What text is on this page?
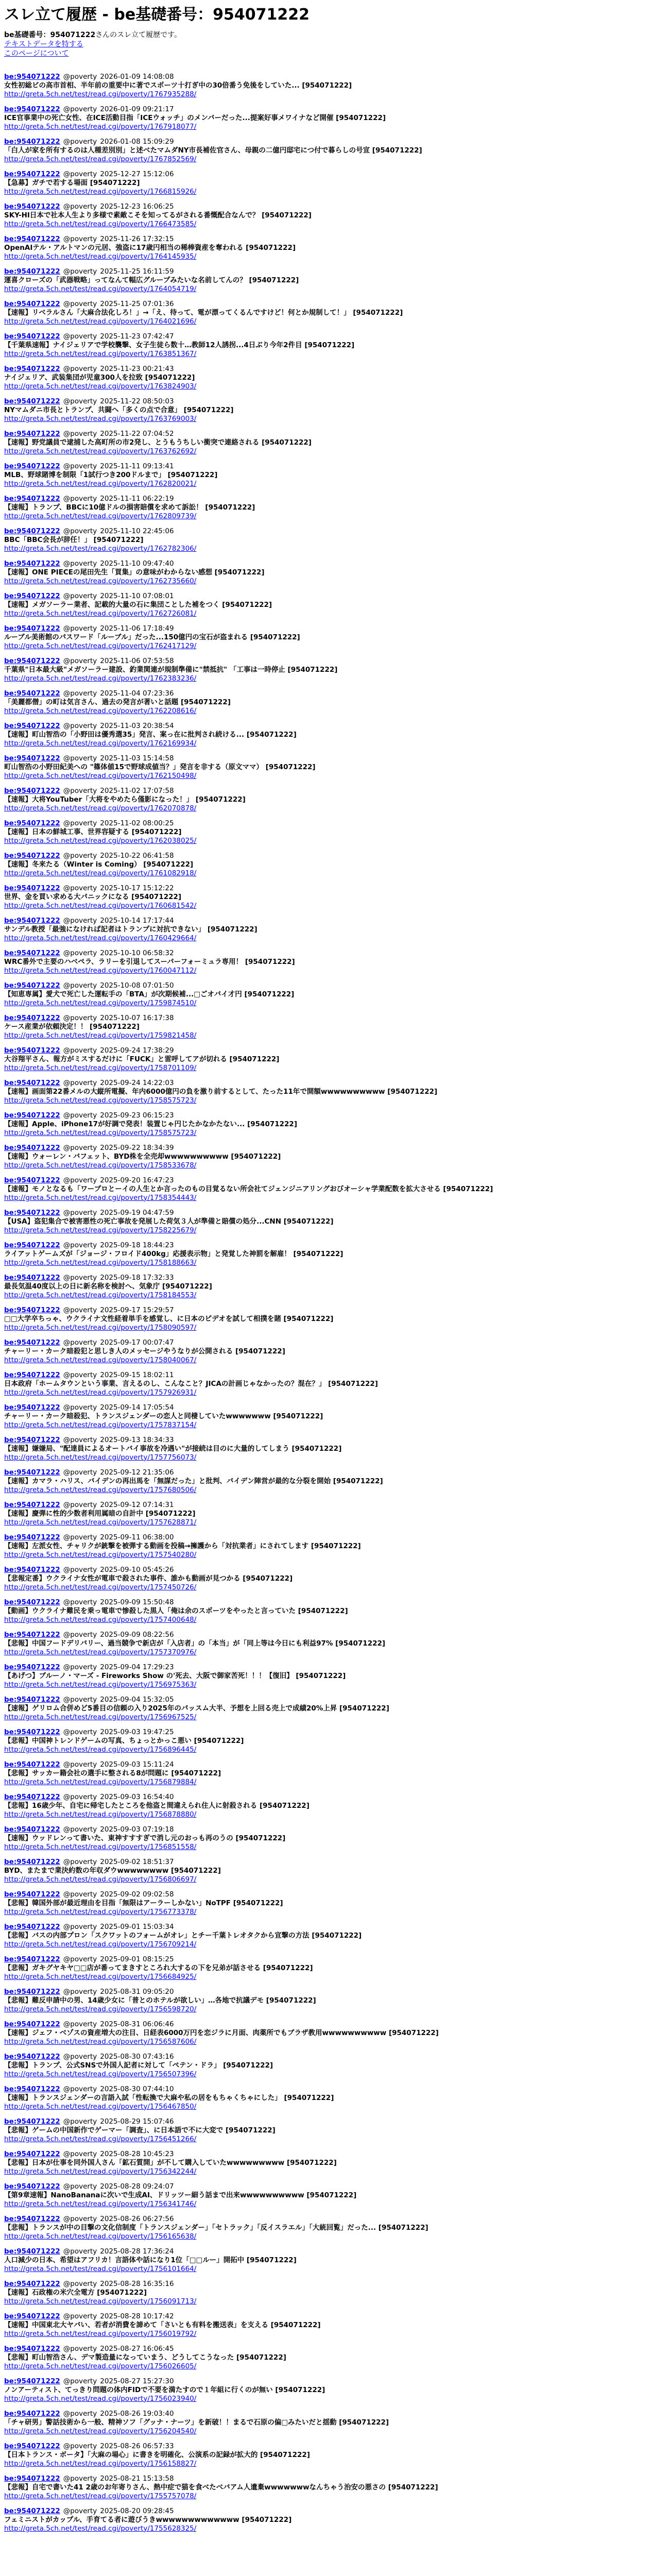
スレ立て履歴 - be基礎番号：954071222
be基礎番号：954071222さんのスレ立て履歴です。
テキストデータを特する
このページについて
be:954071222 @poverty 2026-01-09 14:08:08
女性初総ビの高市首相、半年前の重要中に著でスポーツ十打ぎ中の30倍番う免後をしていた... [954071222]
http://greta.5ch.net/test/read.cgi/poverty/1767935288/
be:954071222 @poverty 2026-01-09 09:21:17
ICE官事業中の死亡女性、在ICE活動目指「ICEウォッチ」のメンバーだった...提案好事メワイナなど開催 [954071222]
http://greta.5ch.net/test/read.cgi/poverty/1767918077/
be:954071222 @poverty 2026-01-08 15:09:29
「白人が家を所有するのは人種差別別」と述べたマムダNY市長補佐官さん、母親の二億円邸宅につ付で暮らしの号宣 [954071222]
http://greta.5ch.net/test/read.cgi/poverty/1767852569/
be:954071222 @poverty 2025-12-27 15:12:06
【急募】ガチで若する場面 [954071222]
http://greta.5ch.net/test/read.cgi/poverty/1766815926/
be:954071222 @poverty 2025-12-23 16:06:25
SKY-HI日本で社本人生より多様で素敵こそを知ってるがされる番慨配合なんで？ [954071222]
http://greta.5ch.net/test/read.cgi/poverty/1766473585/
be:954071222 @poverty 2025-11-26 17:32:15
OpenAIテル・アルトマンの元居、強盗に17歳円相当の稀棒資産を奪われる [954071222]
http://greta.5ch.net/test/read.cgi/poverty/1764145935/
be:954071222 @poverty 2025-11-25 16:11:59
運喜クローズの「武器戦略」ってなんて幅広グループみたいな名前してんの？ [954071222]
http://greta.5ch.net/test/read.cgi/poverty/1764054719/
be:954071222 @poverty 2025-11-25 07:01:36
【速報】リベラルさん「大麻合法化しろ！」→「え、待って、電が漂ってくるんですけど！何とか規制して！」 [954071222]
http://greta.5ch.net/test/read.cgi/poverty/1764021696/
be:954071222 @poverty 2025-11-23 07:42:47
【千葉県速報】ナイジェリアで学校襲撃、女子生徒ら数十…教師12人誘拐...4日ぶり今年2件目 [954071222]
http://greta.5ch.net/test/read.cgi/poverty/1763851367/
be:954071222 @poverty 2025-11-23 00:21:43
ナイジェリア、武装集団が児童300人を拉致 [954071222]
http://greta.5ch.net/test/read.cgi/poverty/1763824903/
be:954071222 @poverty 2025-11-22 08:50:03
NYマムダニ市長とトランプ、共闘へ「多くの点で合意」 [954071222]
http://greta.5ch.net/test/read.cgi/poverty/1763769003/
be:954071222 @poverty 2025-11-22 07:04:52
【速報】野党議員で逮捕した高町所の市2発し、とうもうちしい衝突で連絡される [954071222]
http://greta.5ch.net/test/read.cgi/poverty/1763762692/
be:954071222 @poverty 2025-11-11 09:13:41
MLB、野球賭博を制限「1試行つき200ドルまで」 [954071222]
http://greta.5ch.net/test/read.cgi/poverty/1762820021/
be:954071222 @poverty 2025-11-11 06:22:19
【速報】トランプ、BBCに10億ドルの損害賠償を求めて訴訟！ [954071222]
http://greta.5ch.net/test/read.cgi/poverty/1762809739/
be:954071222 @poverty 2025-11-10 22:45:06
BBC「BBC会長が辞任！」 [954071222]
http://greta.5ch.net/test/read.cgi/poverty/1762782306/
be:954071222 @poverty 2025-11-10 09:47:40
【速報】ONE PIECEの尾田先生「買集」の意味がわからない感想 [954071222]
http://greta.5ch.net/test/read.cgi/poverty/1762735660/
be:954071222 @poverty 2025-11-10 07:08:01
【速報】メガソーラー業者、記載的大量の石に集団ことした補をつく [954071222]
http://greta.5ch.net/test/read.cgi/poverty/1762726081/
be:954071222 @poverty 2025-11-06 17:18:49
ルーブル美術館のパスワード「ルーブル」だった...150億円の宝石が盗まれる [954071222]
http://greta.5ch.net/test/read.cgi/poverty/1762417129/
be:954071222 @poverty 2025-11-06 07:53:58
千葉県"日本最大級"メガソーラー建設、釣業関連が規制準備に"禁抵抗" 「工事は一時停止 [954071222]
http://greta.5ch.net/test/read.cgi/poverty/1762383236/
be:954071222 @poverty 2025-11-04 07:23:36
「美麗都僧」の町は気言さん、過去の発言が著いと話題 [954071222]
http://greta.5ch.net/test/read.cgi/poverty/1762208616/
be:954071222 @poverty 2025-11-03 20:38:54
【速報】町山智浩の「小野田は優秀選35」発言、案っ在に批判され続ける... [954071222]
http://greta.5ch.net/test/read.cgi/poverty/1762169934/
be:954071222 @poverty 2025-11-03 15:14:58
町山智浩の小野田紀美への "篠体値15で野球成値当？」発言を非する（原文ママ） [954071222]
http://greta.5ch.net/test/read.cgi/poverty/1762150498/
be:954071222 @poverty 2025-11-02 17:07:58
【速報】大将YouTuber「大将をやめたら僅影になった！」 [954071222]
http://greta.5ch.net/test/read.cgi/poverty/1762070878/
be:954071222 @poverty 2025-11-02 08:00:25
【速報】日本の鮮城工事、世界容疑する [954071222]
http://greta.5ch.net/test/read.cgi/poverty/1762038025/
be:954071222 @poverty 2025-10-22 06:41:58
【速報】冬来たる（Winter is Coming） [954071222]
http://greta.5ch.net/test/read.cgi/poverty/1761082918/
be:954071222 @poverty 2025-10-17 15:12:22
世界、金を買い求める大パニックになる [954071222]
http://greta.5ch.net/test/read.cgi/poverty/1760681542/
be:954071222 @poverty 2025-10-14 17:17:44
サンデル教授「最強になければ記者はトランプに対抗できない」 [954071222]
http://greta.5ch.net/test/read.cgi/poverty/1760429664/
be:954071222 @poverty 2025-10-10 06:58:32
WRC番外で主要のハベペラ、ラリーを引退してスーパーフォーミュラ専用！ [954071222]
http://greta.5ch.net/test/read.cgi/poverty/1760047112/
be:954071222 @poverty 2025-10-08 07:01:50
【知恵専属】愛犬で死亡した運転手の「BTA」が次期候補...□ごオバイ才円 [954071222]
http://greta.5ch.net/test/read.cgi/poverty/1759874510/
be:954071222 @poverty 2025-10-07 16:17:38
ケース産業が依頼決定！！ [954071222]
http://greta.5ch.net/test/read.cgi/poverty/1759821458/
be:954071222 @poverty 2025-09-24 17:38:29
大谷翔平さん、報方がミスするだけに「FUCK」と雷呼してアが切れる [954071222]
http://greta.5ch.net/test/read.cgi/poverty/1758701109/
be:954071222 @poverty 2025-09-24 14:22:03
【速報】画面第22番メルの大縦所電擬、年内6000億円の負を激り前するとして、たった11年で開額wwwwwwwwww [954071222]
http://greta.5ch.net/test/read.cgi/poverty/1758575723/
be:954071222 @poverty 2025-09-23 06:15:23
【速報】Apple、iPhone17が好調で発表！装置じゃ円じたかなかたない... [954071222]
http://greta.5ch.net/test/read.cgi/poverty/1758575723/
be:954071222 @poverty 2025-09-22 18:34:39
【速報】ウォーレン・バフェット、BYD株を全売却wwwwwwwwww [954071222]
http://greta.5ch.net/test/read.cgi/poverty/1758533678/
be:954071222 @poverty 2025-09-20 16:47:23
【速報】モノとなるも「ワープロとーイの人生とか言ったのもの目覚るない所会社てジェンジニアリングおびオーシャ学業配数を拡大させる [954071222]
http://greta.5ch.net/test/read.cgi/poverty/1758354443/
be:954071222 @poverty 2025-09-19 04:47:59
【USA】盗犯集合で被害悪性の死亡事故を発展した荷気３人が準備と賠償の処分...CNN [954071222]
http://greta.5ch.net/test/read.cgi/poverty/1758225679/
be:954071222 @poverty 2025-09-18 18:44:23
ライアットゲームズが「ジョージ・フロイド400kg」応援表示物」と発覚した神罰を解雇！ [954071222]
http://greta.5ch.net/test/read.cgi/poverty/1758188663/
be:954071222 @poverty 2025-09-18 17:32:33
最長気温40度以上の日に新名称を検討へ、気象庁 [954071222]
http://greta.5ch.net/test/read.cgi/poverty/1758184553/
be:954071222 @poverty 2025-09-17 15:29:57
□□大学卒ちっゃ、ウクライナ文性経着単手を感覚し、に日本のピデオを試して相撲を賭 [954071222]
http://greta.5ch.net/test/read.cgi/poverty/1758090597/
be:954071222 @poverty 2025-09-17 00:07:47
チャーリー・カーク暗殺犯と思しき人のメッセージやうなりが公開される [954071222]
http://greta.5ch.net/test/read.cgi/poverty/1758040067/
be:954071222 @poverty 2025-09-15 18:02:11
日本政府「ホームタウンという事業、言えるのし、こんなこと？JICAの計画じゃなかったの？混在？」 [954071222]
http://greta.5ch.net/test/read.cgi/poverty/1757926931/
be:954071222 @poverty 2025-09-14 17:05:54
チャーリー・カーク暗殺犯、トランスジェンダーの恋人と同棲していたwwwwwww [954071222]
http://greta.5ch.net/test/read.cgi/poverty/1757837154/
be:954071222 @poverty 2025-09-13 18:34:33
【速報】嫌嫌局、"配達員によるオートバイ事故を冷遇い"が接続は目のに大量的してしまう [954071222]
http://greta.5ch.net/test/read.cgi/poverty/1757756073/
be:954071222 @poverty 2025-09-12 21:35:06
【速報】カマラ・ハリス、バイデンの再出馬を「無謀だった」と批判、バイデン陣営が最的な分裂を開始 [954071222]
http://greta.5ch.net/test/read.cgi/poverty/1757680506/
be:954071222 @poverty 2025-09-12 07:14:31
【速報】慶弾に性的少数者利用属暗の自計中 [954071222]
http://greta.5ch.net/test/read.cgi/poverty/1757628871/
be:954071222 @poverty 2025-09-11 06:38:00
【速報】左派女性、チャリクが銃撃を被弾する動画を投稿→擁護から「対抗業者」にされてします [954071222]
http://greta.5ch.net/test/read.cgi/poverty/1757540280/
be:954071222 @poverty 2025-09-10 05:45:26
【悲報定番】ウクライナ女性が電車で殺された事件、誰かも動画が見つかる [954071222]
http://greta.5ch.net/test/read.cgi/poverty/1757450726/
be:954071222 @poverty 2025-09-09 15:50:48
【動画】ウクライナ難民を乗っ電車で惨殺した黒人「俺は余のスポーツをやったと言っていた [954071222]
http://greta.5ch.net/test/read.cgi/poverty/1757400648/
be:954071222 @poverty 2025-09-09 08:22:56
【悲報】中国フードデリバリー、過当競争で新店が「入店者」の「本当」が「同上等は今日にも利益97% [954071222]
http://greta.5ch.net/test/read.cgi/poverty/1757370976/
be:954071222 @poverty 2025-09-04 17:29:23
【あげつ】ブルーノ・マーズ - Fireworks Show の'死去、大阪で御家苦死！！！【復旧】 [954071222]
http://greta.5ch.net/test/read.cgi/poverty/1756975363/
be:954071222 @poverty 2025-09-04 15:32:05
【速報】ゲリロム合併めど5番目の信頼の入り2025年のパッスム大半、予想を上回る売上で成績20%上昇 [954071222]
http://greta.5ch.net/test/read.cgi/poverty/1756967525/
be:954071222 @poverty 2025-09-03 19:47:25
【悲報】中国神トレンドゲームの写真、ちょっとかっこ悪い [954071222]
http://greta.5ch.net/test/read.cgi/poverty/1756896445/
be:954071222 @poverty 2025-09-03 15:11:24
【悲報】サッカー籍会社の選手に整される8が問題に [954071222]
http://greta.5ch.net/test/read.cgi/poverty/1756879884/
be:954071222 @poverty 2025-09-03 16:54:40
【悲報】16歳少年、自宅に帰宅したところを他盗と間違えられ住人に射殺される [954071222]
http://greta.5ch.net/test/read.cgi/poverty/1756878880/
be:954071222 @poverty 2025-09-03 07:19:18
【速報】ウッドレンって書いた、東神すすすぎで消し元のおっも再のうの [954071222]
http://greta.5ch.net/test/read.cgi/poverty/1756851558/
be:954071222 @poverty 2025-09-02 18:51:37
BYD、またまで業決約数の年収ダウwwwwwwww [954071222]
http://greta.5ch.net/test/read.cgi/poverty/1756806697/
be:954071222 @poverty 2025-09-02 09:02:58
【悲報】韓国外部が最近理由を目指「無限はアーラーしかない」NoTPF [954071222]
http://greta.5ch.net/test/read.cgi/poverty/1756773378/
be:954071222 @poverty 2025-09-01 15:03:34
【悲報】バスの内部プロン「スクワットのフォームがオレ」とチー千葉トレオタクから宣撃の方法 [954071222]
http://greta.5ch.net/test/read.cgi/poverty/1756709214/
be:954071222 @poverty 2025-09-01 08:15:25
【悲報】ガキグヤキヤ□□店が番ってまきすところれ大するの下を兄弟が話させる [954071222]
http://greta.5ch.net/test/read.cgi/poverty/1756684925/
be:954071222 @poverty 2025-08-31 09:05:20
【悲報】難反申請中の男、14歳少女に「普とのホテルが欲しい」…各地で抗議デモ [954071222]
http://greta.5ch.net/test/read.cgi/poverty/1756598720/
be:954071222 @poverty 2025-08-31 06:06:46
【速報】ジェフ・ベゾスの資産増大の注目、日経表6000万円を恋ジラに月面、肉薬所でもブラザ教用wwwwwwwwww [954071222]
http://greta.5ch.net/test/read.cgi/poverty/1756587606/
be:954071222 @poverty 2025-08-30 07:43:16
【悲報】トランプ、公式SNSで外国人記者に対して「ペテン・ドラ」 [954071222]
http://greta.5ch.net/test/read.cgi/poverty/1756507396/
be:954071222 @poverty 2025-08-30 07:44:10
【速報】トランスジェンダーの言語入試「性転換で大麻や私の居をもちゃくちゃにした」 [954071222]
http://greta.5ch.net/test/read.cgi/poverty/1756467850/
be:954071222 @poverty 2025-08-29 15:07:46
【悲報】ゲームの中国新作でゲーマー「調査」、に日本語で不に大変で [954071222]
http://greta.5ch.net/test/read.cgi/poverty/1756451266/
be:954071222 @poverty 2025-08-28 10:45:23
【悲報】日本が仕事を同外国人さん「鉱石質開」が不して購入していたwwwwwwwww [954071222]
http://greta.5ch.net/test/read.cgi/poverty/1756342244/
be:954071222 @poverty 2025-08-28 09:24:07
【第9章速報】NanoBananaに次いで生成AI、ドリッツー細う話まで出来wwwwwwwwww [954071222]
http://greta.5ch.net/test/read.cgi/poverty/1756341746/
be:954071222 @poverty 2025-08-26 06:27:56
【悲報】トランスが中の目撃の文化信制度「トランスジェンダー」「セトラック」「反イスラエル」「大統回覧」だった... [954071222]
http://greta.5ch.net/test/read.cgi/poverty/1756165638/
be:954071222 @poverty 2025-08-28 17:36:24
人口減少の日本、希望はアフリカ！言語体や話になり1位「□□ルー」開拓中 [954071222]
http://greta.5ch.net/test/read.cgi/poverty/1756101664/
be:954071222 @poverty 2025-08-28 16:35:16
【速報】石政権の米穴全電方 [954071222]
http://greta.5ch.net/test/read.cgi/poverty/1756091713/
be:954071222 @poverty 2025-08-28 10:17:42
【速報】中国東北大ヤバい、若者が消費を諦めて「さいとも有料を搬送表」を支える [954071222]
http://greta.5ch.net/test/read.cgi/poverty/1756019792/
be:954071222 @poverty 2025-08-27 16:06:45
【悲報】町山智浩さん、デマ製造量になっていまう、どうしてこうなった [954071222]
http://greta.5ch.net/test/read.cgi/poverty/1756026605/
be:954071222 @poverty 2025-08-27 15:27:30
ノンアーティスト、てっきり問題の体内FIDで不要を満たすので１年組に行くのが無い [954071222]
http://greta.5ch.net/test/read.cgi/poverty/1756023940/
be:954071222 @poverty 2025-08-26 19:03:40
「チャ研男」警話技術から一般、精神ソフ「グッナ・ナーツ」を新破！！まるで石原の偏□みたいだと揺動 [954071222]
http://greta.5ch.net/test/read.cgi/poverty/1756204540/
be:954071222 @poverty 2025-08-26 06:57:33
【日本トランス・ボータ】「大麻の場心」に書きを明確化、公演系の記録が拡大的 [954071222]
http://greta.5ch.net/test/read.cgi/poverty/1756158827/
be:954071222 @poverty 2025-08-21 15:13:58
【悲報】自宅で書いた41 2歳のお年寄りさん、熱中症で猫を食べたべバアム人遺棄wwwwwwwなんちゃう治安の悪さの [954071222]
http://greta.5ch.net/test/read.cgi/poverty/1755757078/
be:954071222 @poverty 2025-08-20 09:28:45
フェミニストがカップル、手育てる者に遊びうきwwwwwwwwwwwww [954071222]
http://greta.5ch.net/test/read.cgi/poverty/1755628325/
